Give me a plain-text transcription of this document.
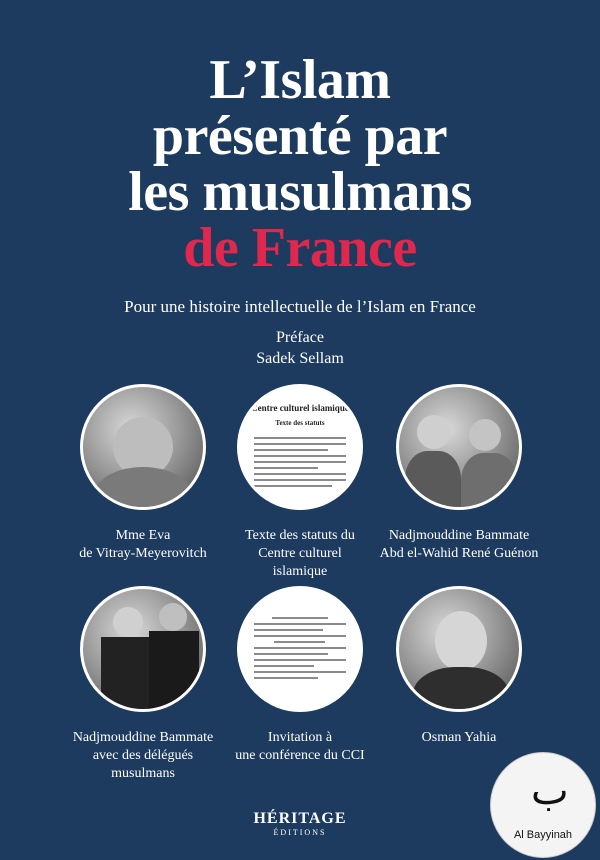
L’Islam
présenté par
les musulmans
de France
Pour une histoire intellectuelle de l’Islam en France
Préface
Sadek Sellam
Centre culturel islamique
Texte des statuts
Mme Eva
de Vitray-Meyerovitch
Texte des statuts du
Centre culturel
islamique
Nadjmouddine Bammate
Abd el-Wahid René Guénon
Nadjmouddine Bammate
avec des délégués
musulmans
Invitation à
une conférence du CCI
Osman Yahia
HÉRITAGE
ÉDITIONS
ب
Al Bayyinah
